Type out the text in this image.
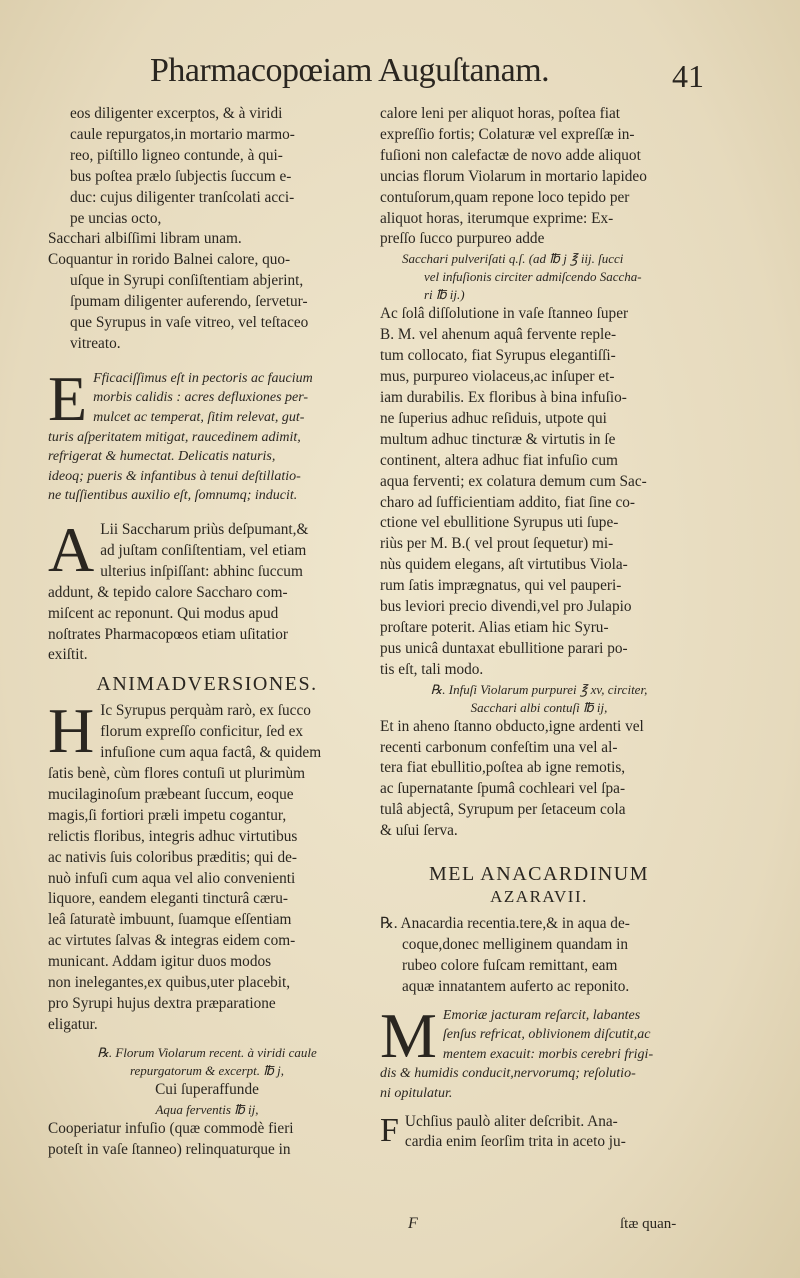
Pharmacopœiam Auguſtanam.	41

eos diligenter excerptos, & à viridi

caule repurgatos,in mortario marmo-

reo, piſtillo ligneo contunde, à qui-

bus poſtea prælo ſubjectis ſuccum e-

duc: cujus diligenter tranſcolati acci-

pe uncias octo,

Sacchari albiſſimi libram unam.

Coquantur in rorido Balnei calore, quo-

uſque in Syrupi conſiſtentiam abjerint,

ſpumam diligenter auferendo, ſervetur-

que Syrupus in vaſe vitreo, vel teſtaceo

vitreato.

E Fficaciſſimus eſt in pectoris ac faucium

morbis calidis : acres defluxiones per-

mulcet ac temperat, ſitim relevat, gut-

turis aſperitatem mitigat, raucedinem adimit,

refrigerat & humectat. Delicatis naturis,

ideoq; pueris & infantibus à tenui deſtillatio-

ne tuſſientibus auxilio eſt, ſomnumq; inducit.

A Lii Saccharum priùs deſpumant,&

ad juſtam conſiſtentiam, vel etiam

ulterius inſpiſſant: abhinc ſuccum

addunt, & tepido calore Saccharo com-

miſcent ac reponunt. Qui modus apud

noſtrates Pharmacopœos etiam uſitatior

exiſtit.

ANIMADVERSIONES.

H Ic Syrupus perquàm rarò, ex ſucco

florum expreſſo conficitur, ſed ex

infuſione cum aqua factâ, & quidem

ſatis benè, cùm flores contuſi ut plurimùm

mucilaginoſum præbeant ſuccum, eoque

magis,ſi fortiori præli impetu cogantur,

relictis floribus, integris adhuc virtutibus

ac nativis ſuis coloribus præditis; qui de-

nuò infuſi cum aqua vel alio convenienti

liquore, eandem eleganti tincturâ cæru-

leâ ſaturatè imbuunt, ſuamque eſſentiam

ac virtutes ſalvas & integras eidem com-

municant. Addam igitur duos modos

non inelegantes,ex quibus,uter placebit,

pro Syrupi hujus dextra præparatione

eligatur.

℞. Florum Violarum recent. à viridi caule

repurgatorum & excerpt. ℔ j,

Cui ſuperaffunde

Aqua ferventis ℔ ij,

Cooperiatur infuſio (quæ commodè fieri

poteſt in vaſe ſtanneo) relinquaturque in

calore leni per aliquot horas, poſtea fiat

expreſſio fortis; Colaturæ vel expreſſæ in-

fuſioni non calefactæ de novo adde aliquot

uncias florum Violarum in mortario lapideo

contuſorum,quam repone loco tepido per

aliquot horas, iterumque exprime: Ex-

preſſo ſucco purpureo adde

Sacchari pulveriſati q.ſ. (ad ℔ j ℥ iij. ſucci

vel infuſionis circiter admiſcendo Saccha-

ri ℔ ij.)

Ac ſolâ diſſolutione in vaſe ſtanneo ſuper

B. M. vel ahenum aquâ fervente reple-

tum collocato, fiat Syrupus elegantiſſi-

mus, purpureo violaceus,ac inſuper et-

iam durabilis. Ex floribus à bina infuſio-

ne ſuperius adhuc reſiduis, utpote qui

multum adhuc tincturæ & virtutis in ſe

continent, altera adhuc fiat infuſio cum

aqua ferventi; ex colatura demum cum Sac-

charo ad ſufficientiam addito, fiat ſine co-

ctione vel ebullitione Syrupus uti ſupe-

riùs per M. B.( vel prout ſequetur) mi-

nùs quidem elegans, aſt virtutibus Viola-

rum ſatis imprægnatus, qui vel pauperi-

bus leviori precio divendi,vel pro Julapio

proſtare poterit. Alias etiam hic Syru-

pus unicâ duntaxat ebullitione parari po-

tis eſt, tali modo.

℞. Infuſi Violarum purpurei ℥ xv, circiter,

Sacchari albi contuſi ℔ ij,

Et in aheno ſtanno obducto,igne ardenti vel

recenti carbonum confeſtim una vel al-

tera fiat ebullitio,poſtea ab igne remotis,

ac ſupernatante ſpumâ cochleari vel ſpa-

tulâ abjectâ, Syrupum per ſetaceum cola

& uſui ſerva.

MEL ANACARDINUM

AZARAVII.

℞. Anacardia recentia.tere,& in aqua de-

coque,donec melliginem quandam in

rubeo colore fuſcam remittant, eam

aquæ innatantem auferto ac reponito.

M Emoriæ jacturam reſarcit, labantes

ſenſus refricat, oblivionem diſcutit,ac

mentem exacuit: morbis cerebri frigi-

dis & humidis conducit,nervorumq; reſolutio-

ni opitulatur.

F Uchſius paulò aliter deſcribit. Ana-

cardia enim ſeorſim trita in aceto ju-

F	ſtæ quan-
